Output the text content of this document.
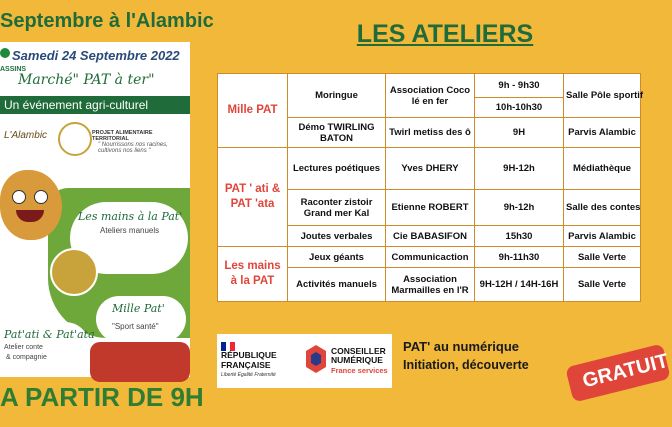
Septembre à l'Alambic
Samedi 24 Septembre 2022
ASSINS
Marché" PAT à ter"
Un événement agri-culturel
L'Alambic	PROJET ALIMENTAIRE TERRITORIAL
" Nourrissons nos racines, cultivons nos liens "
artisanales
Festival
des femmes
Les mains à la Pat'
Ateliers manuels
Mille Pat'
"Sport santé"
Pat'ati & Pat'ata
Atelier conte
& compagnie
A PARTIR DE 9H
LES ATELIERS
Mille PAT	Moringue	Association Coco lé en fer	9h - 9h30	Salle Pôle sportif
			10h-10h30	
	Démo TWIRLING BATON	Twirl metiss des ô	9H	Parvis Alambic
PAT ' ati & PAT 'ata	Lectures poétiques	Yves DHERY	9H-12h	Médiathèque
	Raconter zistoir Grand mer Kal	Etienne ROBERT	9h-12h	Salle des contes
	Joutes verbales	Cie BABASIFON	15h30	Parvis Alambic
Les mains à la PAT	Jeux géants	Communicaction	9h-11h30	Salle Verte
	Activités manuels	Association Marmailles en l'R	9H-12H / 14H-16H	Salle Verte
RÉPUBLIQUE FRANÇAISE
Liberté Égalité Fraternité
CONSEILLER NUMÉRIQUE
France services
PAT' au numérique
Initiation, découverte	GRATUIT
